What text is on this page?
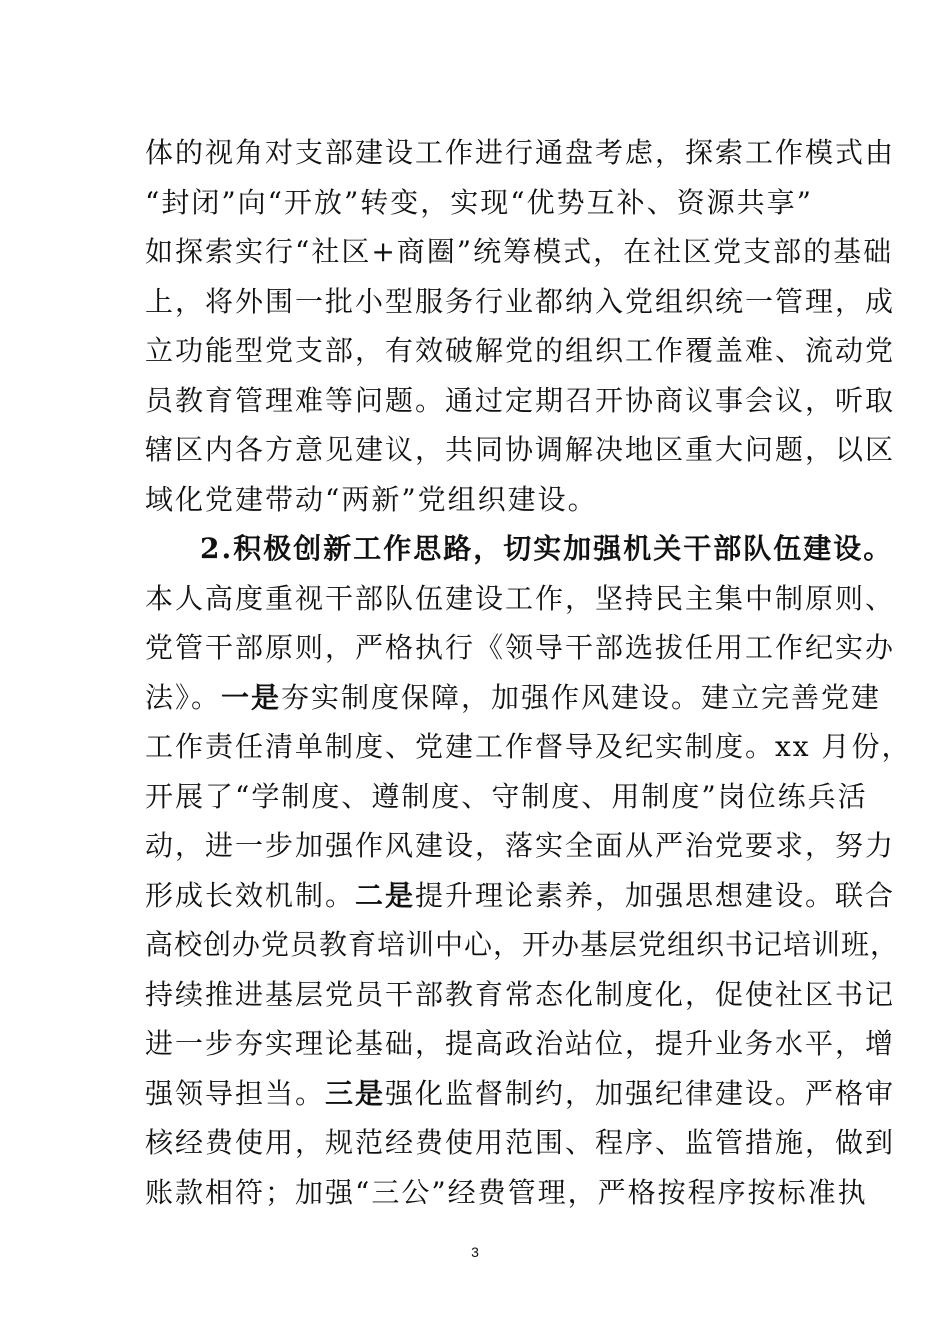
体的视角对支部建设工作进行通盘考虑，探索工作模式由
“封闭”向“开放”转变，实现“优势互补、资源共享”
如探索实行“社区+商圈”统筹模式，在社区党支部的基础
上，将外围一批小型服务行业都纳入党组织统一管理，成
立功能型党支部，有效破解党的组织工作覆盖难、流动党
员教育管理难等问题。通过定期召开协商议事会议，听取
辖区内各方意见建议，共同协调解决地区重大问题，以区
域化党建带动“两新”党组织建设。
2.积极创新工作思路，切实加强机关干部队伍建设。
本人高度重视干部队伍建设工作，坚持民主集中制原则、
党管干部原则，严格执行《领导干部选拔任用工作纪实办
法》。一是夯实制度保障，加强作风建设。建立完善党建
工作责任清单制度、党建工作督导及纪实制度。xx 月份，
开展了“学制度、遵制度、守制度、用制度”岗位练兵活
动，进一步加强作风建设，落实全面从严治党要求，努力
形成长效机制。二是提升理论素养，加强思想建设。联合
高校创办党员教育培训中心，开办基层党组织书记培训班，
持续推进基层党员干部教育常态化制度化，促使社区书记
进一步夯实理论基础，提高政治站位，提升业务水平，增
强领导担当。三是强化监督制约，加强纪律建设。严格审
核经费使用，规范经费使用范围、程序、监管措施，做到
账款相符；加强“三公”经费管理，严格按程序按标准执
3
